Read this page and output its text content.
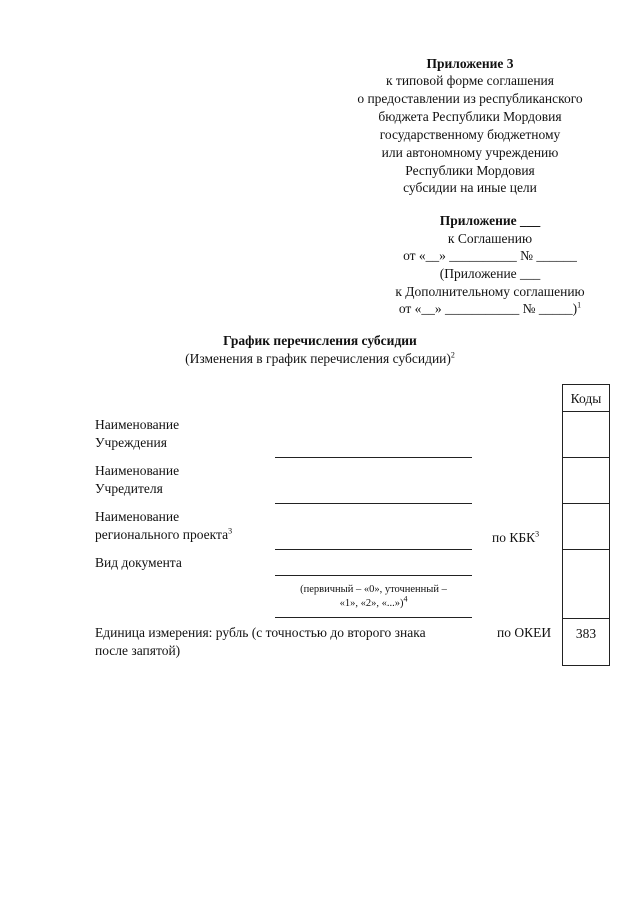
Приложение 3
к типовой форме соглашения
о предоставлении из республиканского
бюджета Республики Мордовия
государственному бюджетному
или автономному учреждению
Республики Мордовия
субсидии на иные цели
Приложение ___
к Соглашению
от «__» __________ № ______
(Приложение ___
к Дополнительному соглашению
от «__» ___________ № _____)$^1$
График перечисления субсидии
(Изменения в график перечисления субсидии)$^2$
Коды
383
Наименование
Учреждения
Наименование
Учредителя
Наименование
регионального проекта$^3$	по КБК$^3$
Вид документа
(первичный – «0», уточненный –
«1», «2», «...»)$^4$
Единица измерения: рубль (с точностью до второго знака
после запятой)
по ОКЕИ
